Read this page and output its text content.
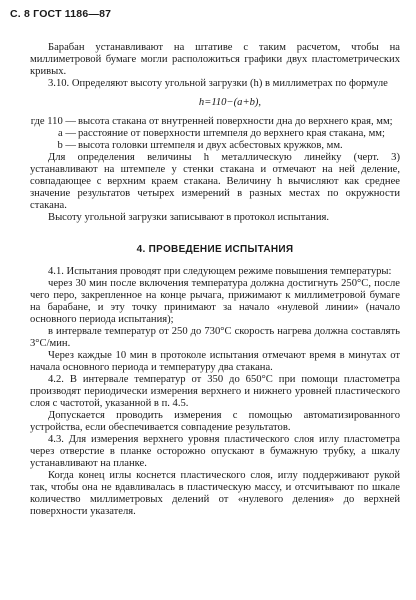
С. 8 ГОСТ 1186—87

Барабан устанавливают на штативе с таким расчетом, чтобы на миллиметровой бумаге могли расположиться графики двух пластометрических кривых.

3.10. Определяют высоту угольной загрузки (h) в миллиметрах по формуле

h=110−(a+b),
где 110 — высота стакана от внутренней поверхности дна до верхнего края, мм;
a — расстояние от поверхности штемпеля до верхнего края стакана, мм;
b — высота головки штемпеля и двух асбестовых кружков, мм.

Для определения величины h металлическую линейку (черт. 3) устанавливают на штемпеле у стенки стакана и отмечают на ней деление, совпадающее с верхним краем стакана. Величину h вычисляют как среднее значение результатов четырех измерений в разных местах по окружности стакана.

Высоту угольной загрузки записывают в протокол испытания.

4. ПРОВЕДЕНИЕ ИСПЫТАНИЯ

4.1. Испытания проводят при следующем режиме повышения температуры:

через 30 мин после включения температура должна достигнуть 250°С, после чего перо, закрепленное на конце рычага, прижимают к миллиметровой бумаге на барабане, и эту точку принимают за начало «нулевой линии» (начало основного периода испытания);

в интервале температур от 250 до 730°С скорость нагрева должна составлять 3°С/мин.

Через каждые 10 мин в протоколе испытания отмечают время в минутах от начала основного периода и температуру два стакана.

4.2. В интервале температур от 350 до 650°С при помощи пластометра производят периодически измерения верхнего и нижнего уровней пластического слоя с частотой, указанной в п. 4.5.

Допускается проводить измерения с помощью автоматизированного устройства, если обеспечивается совпадение результатов.

4.3. Для измерения верхнего уровня пластического слоя иглу пластометра через отверстие в планке осторожно опускают в бумажную трубку, а шкалу устанавливают на планке.

Когда конец иглы коснется пластического слоя, иглу поддерживают рукой так, чтобы она не вдавливалась в пластическую массу, и отсчитывают по шкале количество миллиметровых делений от «нулевого деления» до верхней поверхности указателя.
